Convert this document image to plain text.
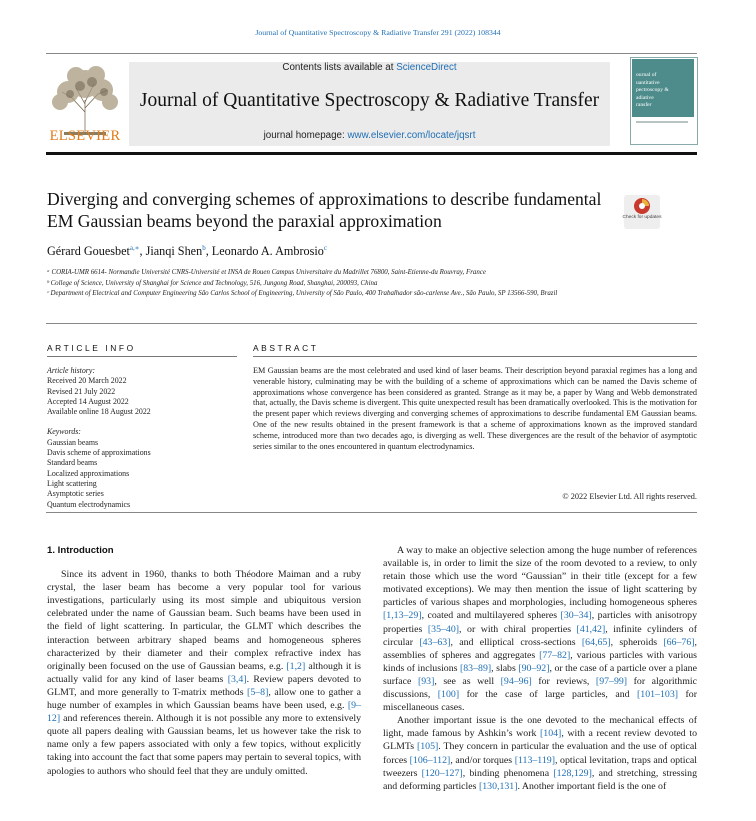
Journal of Quantitative Spectroscopy & Radiative Transfer 291 (2022) 108344
ELSEVIER
Contents lists available at ScienceDirect
Journal of Quantitative Spectroscopy & Radiative Transfer
journal homepage: www.elsevier.com/locate/jqsrt
ournal of
uantitative
pectroscopy &
adiative
ransfer
Diverging and converging schemes of approximations to describe fundamental EM Gaussian beams beyond the paraxial approximation	Check for updates
Gérard Gouesbet$^{a,∗}$, Jianqi Shen$^b$, Leonardo A. Ambrosio$^c$
ᵃ CORIA-UMR 6614- Normandie Université CNRS-Université et INSA de Rouen Campus Universitaire du Madrillet 76800, Saint-Etienne-du Rouvray, France
ᵇ College of Science, University of Shanghai for Science and Technology, 516, Jungong Road, Shanghai, 200093, China
ᶜ Department of Electrical and Computer Engineering São Carlos School of Engineering, University of São Paulo, 400 Trabalhador são-carlense Ave., São Paulo, SP 13566-590, Brazil
ARTICLE INFO	ABSTRACT
Article history:
Received 20 March 2022
Revised 21 July 2022
Accepted 14 August 2022
Available online 18 August 2022
Keywords:
Gaussian beams
Davis scheme of approximations
Standard beams
Localized approximations
Light scattering
Asymptotic series
Quantum electrodynamics
EM Gaussian beams are the most celebrated and used kind of laser beams. Their description beyond paraxial regimes has a long and venerable history, culminating may be with the building of a scheme of approximations which can be named the Davis scheme of approximations whose convergence has been considered as granted. Strange as it may be, a paper by Wang and Webb demonstrated that, actually, the Davis scheme is divergent. This quite unexpected result has been dramatically overlooked. This is the motivation for the present paper which reviews diverging and converging schemes of approximations to describe fundamental EM Gaussian beams. One of the new results obtained in the present framework is that a scheme of approximations known as the improved standard scheme, introduced more than two decades ago, is diverging as well. These divergences are the result of the behavior of asymptotic series similar to the ones encountered in quantum electrodynamics.
© 2022 Elsevier Ltd. All rights reserved.
1. Introduction

Since its advent in 1960, thanks to both Théodore Maiman and a ruby crystal, the laser beam has become a very popular tool for various investigations, particularly using its most simple and ubiquitous version celebrated under the name of Gaussian beam. Such beams have been used in the field of light scattering. In particular, the GLMT which describes the interaction between arbitrary shaped beams and homogeneous spheres characterized by their diameter and their complex refractive index has originally been focused on the use of Gaussian beams, e.g. [1,2] although it is actually valid for any kind of laser beams [3,4]. Review papers devoted to GLMT, and more generally to T-matrix methods [5–8], allow one to gather a huge number of examples in which Gaussian beams have been used, e.g. [9–12] and references therein. Although it is not possible any more to extensively quote all papers dealing with Gaussian beams, let us however take the risk to name only a few papers associated with only a few topics, without explicitly taking into account the fact that some papers may pertain to several topics, with apologies to authors who should feel that they are unduly omitted.

A way to make an objective selection among the huge number of references available is, in order to limit the size of the room devoted to a review, to only retain those which use the word “Gaussian” in their title (except for a few motivated exceptions). We may then mention the issue of light scattering by particles of various shapes and morphologies, including homogeneous spheres [1,13–29], coated and multilayered spheres [30–34], particles with anisotropy properties [35–40], or with chiral properties [41,42], infinite cylinders of circular [43–63], and elliptical cross-sections [64,65], spheroids [66–76], assemblies of spheres and aggregates [77–82], various particles with various kinds of inclusions [83–89], slabs [90–92], or the case of a particle over a plane surface [93], see as well [94–96] for reviews, [97–99] for algorithmic discussions, [100] for the case of large particles, and [101–103] for miscellaneous cases.

Another important issue is the one devoted to the mechanical effects of light, made famous by Ashkin’s work [104], with a recent review devoted to GLMTs [105]. They concern in particular the evaluation and the use of optical forces [106–112], and/or torques [113–119], optical levitation, traps and optical tweezers [120–127], binding phenomena [128,129], and stretching, stressing and deforming particles [130,131]. Another important field is the one of
